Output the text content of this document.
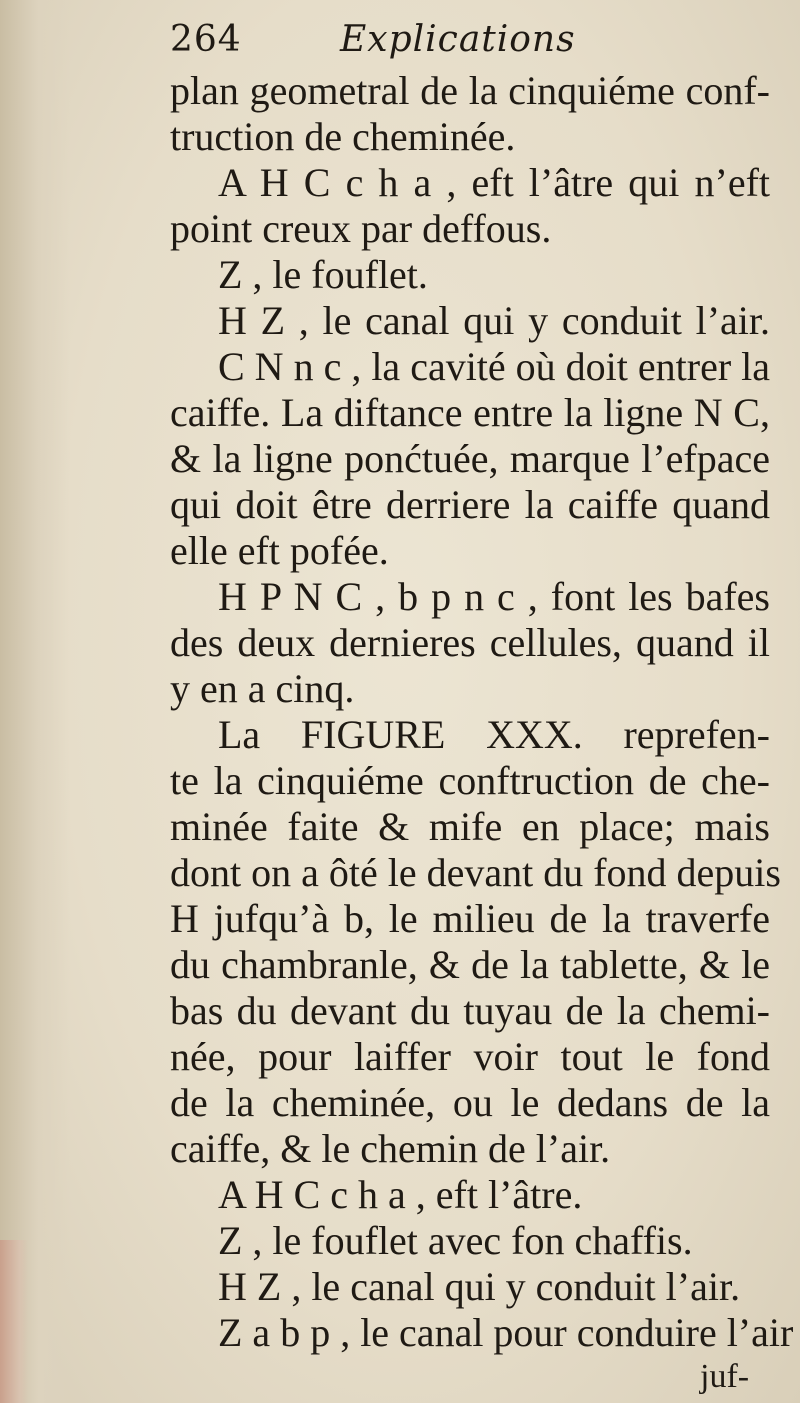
264	Explications
plan geometral de la cinquiéme conf-
truction de cheminée.
A H C c h a , eft l’âtre qui n’eft
point creux par deffous.
Z , le fouflet.
H Z , le canal qui y conduit l’air.
C N n c , la cavité où doit entrer la
caiffe. La diftance entre la ligne N C,
& la ligne ponćtuée, marque l’efpace
qui doit être derriere la caiffe quand
elle eft pofée.
H P N C , b p n c , font les bafes
des deux dernieres cellules, quand il
y en a cinq.
La FIGURE XXX. reprefen-
te la cinquiéme conftruction de che-
minée faite & mife en place; mais
dont on a ôté le devant du fond depuis
H jufqu’à b, le milieu de la traverfe
du chambranle, & de la tablette, & le
bas du devant du tuyau de la chemi-
née, pour laiffer voir tout le fond
de la cheminée, ou le dedans de la
caiffe, & le chemin de l’air.
A H C c h a , eft l’âtre.
Z , le fouflet avec fon chaffis.
H Z , le canal qui y conduit l’air.
Z a b p , le canal pour conduire l’air
juf-
